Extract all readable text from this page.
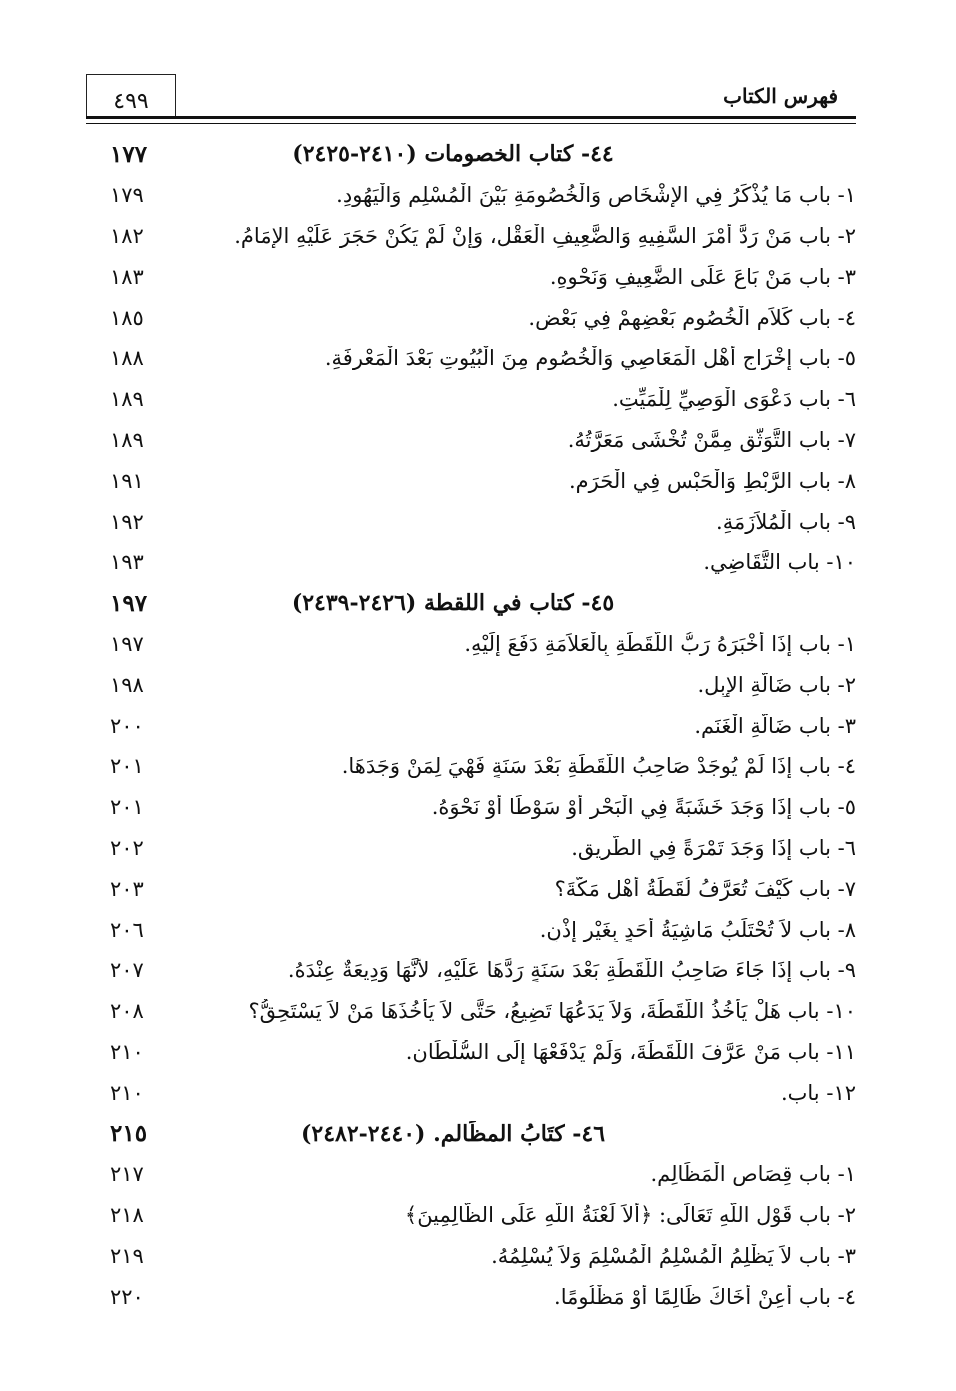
فهرس الكتاب
٤٩٩
١٧٧	٤٤- كتاب الخصومات (٢٤١٠-٢٤٢٥)
١٧٩	١- باب مَا يُذْكَرُ فِي الإِشْخَاصِ وَالْخُصُومَةِ بَيْنَ الْمُسْلِمِ وَالْيَهُودِ.
١٨٢	٢- باب مَنْ رَدَّ أَمْرَ السَّفِيهِ وَالضَّعِيفِ الْعَقْلِ، وَإِنْ لَمْ يَكُنْ حَجَرَ عَلَيْهِ الإِمَامُ.
١٨٣	٣- باب مَنْ بَاعَ عَلَى الضَّعِيفِ وَنَحْوِهِ.
١٨٥	٤- باب كَلاَمِ الْخُصُومِ بَعْضِهِمْ فِي بَعْضٍ.
١٨٨	٥- باب إِخْرَاجِ أَهْلِ الْمَعَاصِي وَالْخُصُومِ مِنَ الْبُيُوتِ بَعْدَ الْمَعْرِفَةِ.
١٨٩	٦- باب دَعْوَى الْوَصِيِّ لِلْمَيِّتِ.
١٨٩	٧- باب التَّوَثُّقِ مِمَّنْ تُخْشَى مَعَرَّتُهُ.
١٩١	٨- باب الرَّبْطِ وَالْحَبْسِ فِي الْحَرَمِ.
١٩٢	٩- باب الْمُلاَزَمَةِ.
١٩٣	١٠- باب التَّقَاضِي.
١٩٧	٤٥- كتاب في اللقطة (٢٤٢٦-٢٤٣٩)
١٩٧	١- باب إِذَا أَخْبَرَهُ رَبُّ اللُّقَطَةِ بِالْعَلاَمَةِ دَفَعَ إِلَيْهِ.
١٩٨	٢- باب ضَالَّةِ الإِبِلِ.
٢٠٠	٣- باب ضَالَّةِ الْغَنَمِ.
٢٠١	٤- باب إِذَا لَمْ يُوجَدْ صَاحِبُ اللُّقَطَةِ بَعْدَ سَنَةٍ فَهْيَ لِمَنْ وَجَدَهَا.
٢٠١	٥- باب إِذَا وَجَدَ خَشَبَةً فِي الْبَحْرِ أَوْ سَوْطًا أَوْ نَحْوَهُ.
٢٠٢	٦- باب إِذَا وَجَدَ تَمْرَةً فِي الطَّرِيقِ.
٢٠٣	٧- باب كَيْفَ تُعَرَّفُ لُقَطَةُ أَهْلِ مَكَّةَ؟
٢٠٦	٨- باب لاَ تُحْتَلَبُ مَاشِيَةُ أَحَدٍ بِغَيْرِ إِذْنٍ.
٢٠٧	٩- باب إِذَا جَاءَ صَاحِبُ اللُّقَطَةِ بَعْدَ سَنَةٍ رَدَّهَا عَلَيْهِ، لأَنَّهَا وَدِيعَةٌ عِنْدَهُ.
٢٠٨	١٠- باب هَلْ يَأْخُذُ اللُّقَطَةَ، وَلاَ يَدَعُهَا تَضِيعُ، حَتَّى لاَ يَأْخُذَهَا مَنْ لاَ يَسْتَحِقُّ؟
٢١٠	١١- باب مَنْ عَرَّفَ اللُّقَطَةَ، وَلَمْ يَدْفَعْهَا إِلَى السُّلْطَانِ.
٢١٠	١٢- باب.
٢١٥	٤٦- كتَابُ المظَالم. (٢٤٤٠-٢٤٨٢)
٢١٧	١- باب قِصَاصِ الْمَظَالِمِ.
٢١٨	٢- باب قَوْلِ اللَّهِ تَعَالَى: ﴿أَلاَ لَعْنَةُ اللَّهِ عَلَى الظَّالِمِينَ﴾
٢١٩	٣- باب لاَ يَظْلِمُ الْمُسْلِمُ الْمُسْلِمَ وَلاَ يُسْلِمُهُ.
٢٢٠	٤- باب أَعِنْ أَخَاكَ ظَالِمًا أَوْ مَظْلُومًا.
